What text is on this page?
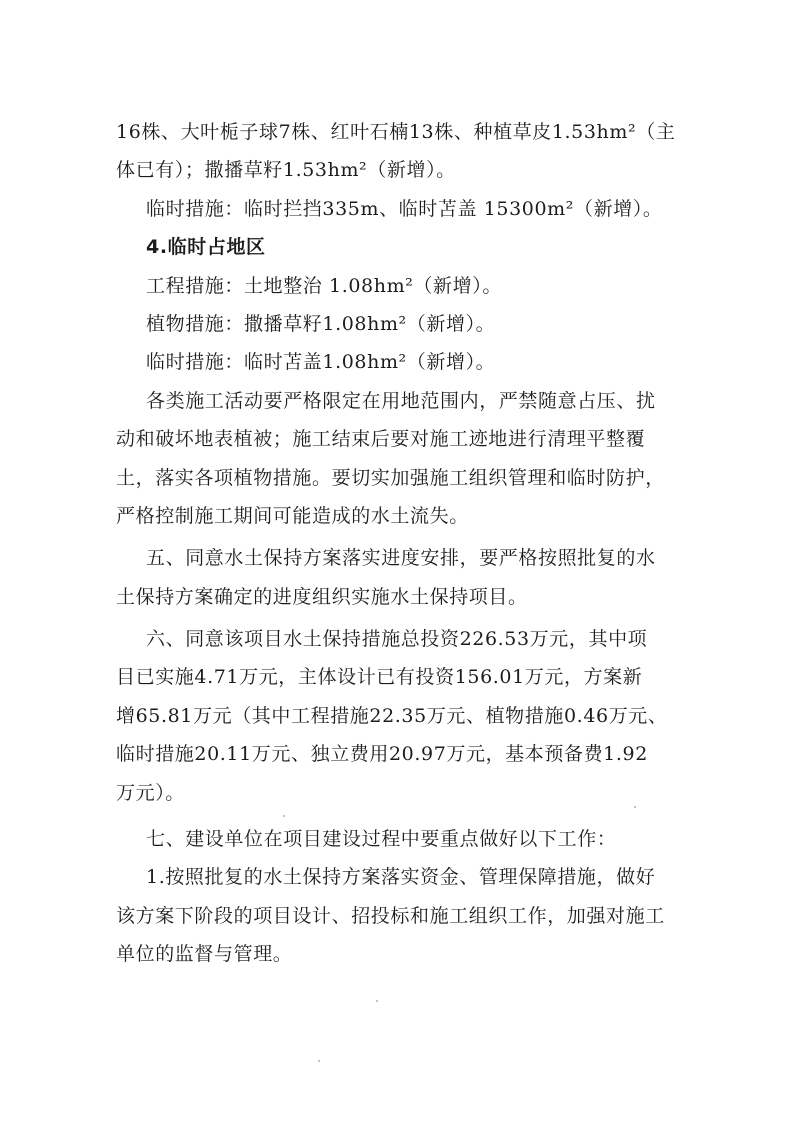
16株、大叶栀子球7株、红叶石楠13株、种植草皮1.53hm²（主
体已有）；撒播草籽1.53hm²（新增）。
临时措施：临时拦挡335m、临时苫盖 15300m²（新增）。
4.临时占地区
工程措施：土地整治 1.08hm²（新增）。
植物措施：撒播草籽1.08hm²（新增）。
临时措施：临时苫盖1.08hm²（新增）。
各类施工活动要严格限定在用地范围内，严禁随意占压、扰
动和破坏地表植被；施工结束后要对施工迹地进行清理平整覆
土，落实各项植物措施。要切实加强施工组织管理和临时防护，
严格控制施工期间可能造成的水土流失。
五、同意水土保持方案落实进度安排，要严格按照批复的水
土保持方案确定的进度组织实施水土保持项目。
六、同意该项目水土保持措施总投资226.53万元，其中项
目已实施4.71万元，主体设计已有投资156.01万元，方案新
增65.81万元（其中工程措施22.35万元、植物措施0.46万元、
临时措施20.11万元、独立费用20.97万元，基本预备费1.92
万元）。
七、建设单位在项目建设过程中要重点做好以下工作：
1.按照批复的水土保持方案落实资金、管理保障措施，做好
该方案下阶段的项目设计、招投标和施工组织工作，加强对施工
单位的监督与管理。
